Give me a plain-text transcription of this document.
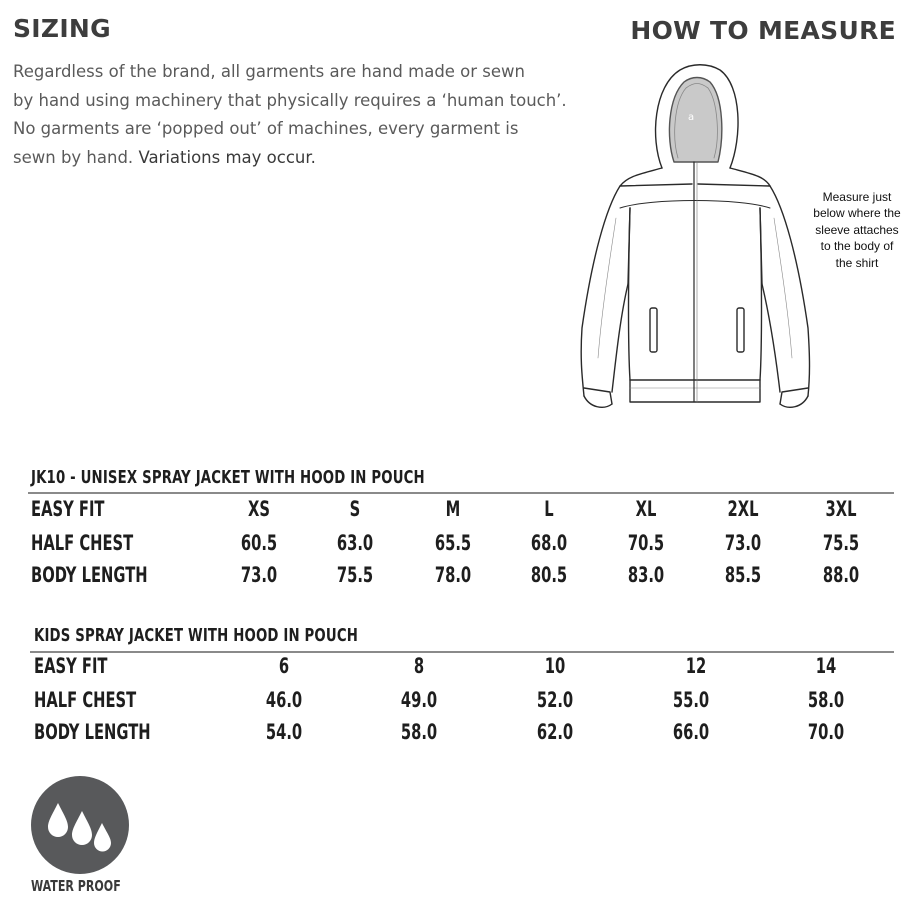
SIZING	HOW TO MEASURE
Regardless of the brand, all garments are hand made or sewn
by hand using machinery that physically requires a ‘human touch’.
No garments are ‘popped out’ of machines, every garment is
sewn by hand. Variations may occur.
a
Measure just below where the sleeve attaches to the body of the shirt
JK10 - UNISEX SPRAY JACKET WITH HOOD IN POUCH
EASY FIT	XS	S	M	L	XL	2XL	3XL
HALF CHEST	60.5	63.0	65.5	68.0	70.5	73.0	75.5
BODY LENGTH	73.0	75.5	78.0	80.5	83.0	85.5	88.0
KIDS SPRAY JACKET WITH HOOD IN POUCH
EASY FIT	6	8	10	12	14
HALF CHEST	46.0	49.0	52.0	55.0	58.0
BODY LENGTH	54.0	58.0	62.0	66.0	70.0
WATER PROOF
